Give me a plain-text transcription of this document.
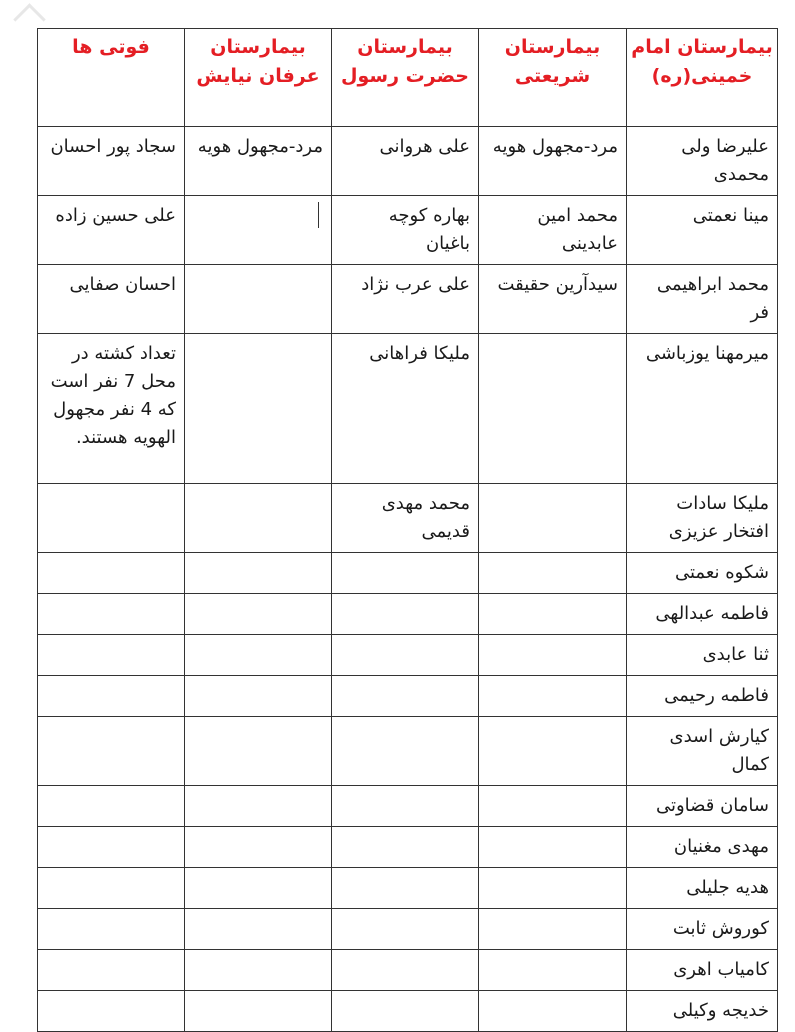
فوتی ها	بیمارستان عرفان نیایش	بیمارستان حضرت رسول	بیمارستان شریعتی	بیمارستان امام خمینی(ره)
سجاد پور احسان	مرد-مجهول هویه	علی هروانی	مرد-مجهول هویه	علیرضا ولی محمدی
علی حسین زاده		بهاره کوچه باغیان	محمد امین عابدینی	مینا نعمتی
احسان صفایی		علی عرب نژاد	سیدآرین حقیقت	محمد ابراهیمی فر
تعداد کشته در محل 7 نفر است که 4 نفر مجهول الهویه هستند.		ملیکا فراهانی		میرمهنا یوزباشی
		محمد مهدی قدیمی		ملیکا سادات افتخار عزیزی
				شکوه نعمتی
				فاطمه عبدالهی
				ثنا عابدی
				فاطمه رحیمی
				کیارش اسدی کمال
				سامان قضاوتی
				مهدی مغنیان
				هدیه جلیلی
				کوروش ثابت
				کامیاب اهری
				خدیجه وکیلی
